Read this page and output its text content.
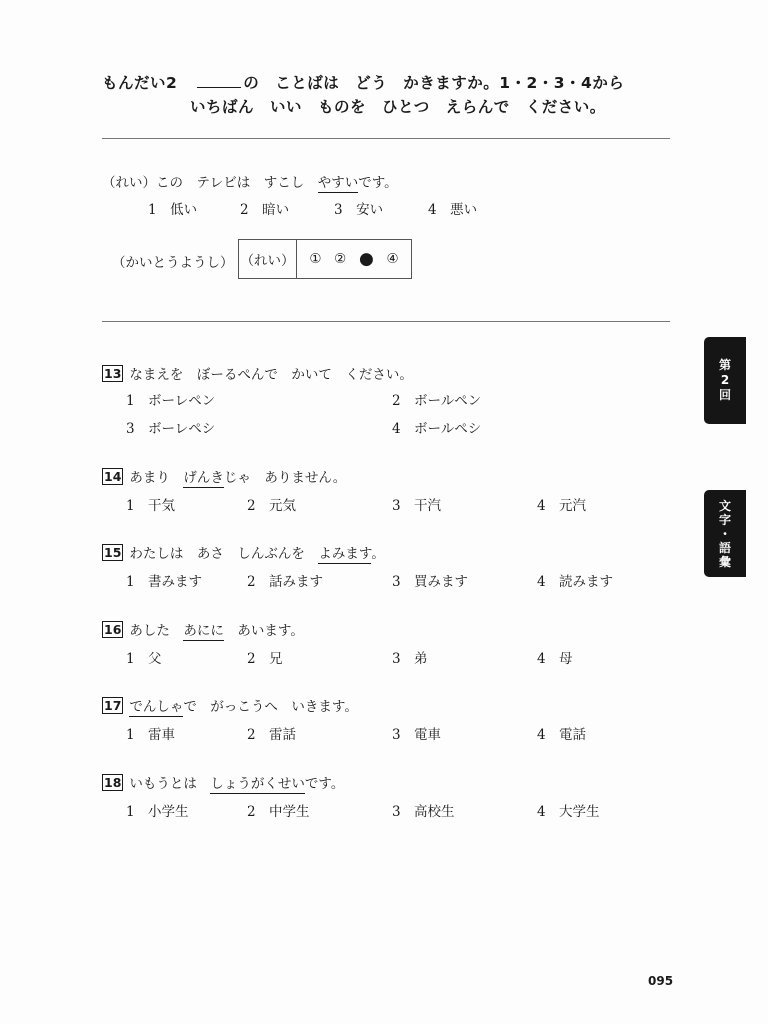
もんだい2	の　ことばは　どう　かきますか。1・2・3・4から
いちばん　いい　ものを　ひとつ　えらんで　ください。
（れい）この　テレビは　すこし　やすいです。
1　 低い	2　 暗い	3　 安い	4　 悪い
（かいとうようし） （れい） ① ② ● ④
13 なまえを　ぼーるぺんで　かいて　ください。
1 ボーレペン	2 ボールペン
3 ボーレペシ	4 ボールペシ
14 あまり　げんきじゃ　ありません。
1 干気	2 元気	3 干汽	4 元汽
15 わたしは　あさ　しんぶんを　よみます。
1 書みます	2 話みます	3 買みます	4 読みます
16 あした　あにに　あいます。
1 父	2 兄	3 弟	4 母
17 でんしゃで　がっこうへ　いきます。
1 雷車	2 雷話	3 電車	4 電話
18 いもうとは　しょうがくせいです。
1 小学生	2 中学生	3 高校生	4 大学生
第
2
回
文
字
・
語
彙
095
